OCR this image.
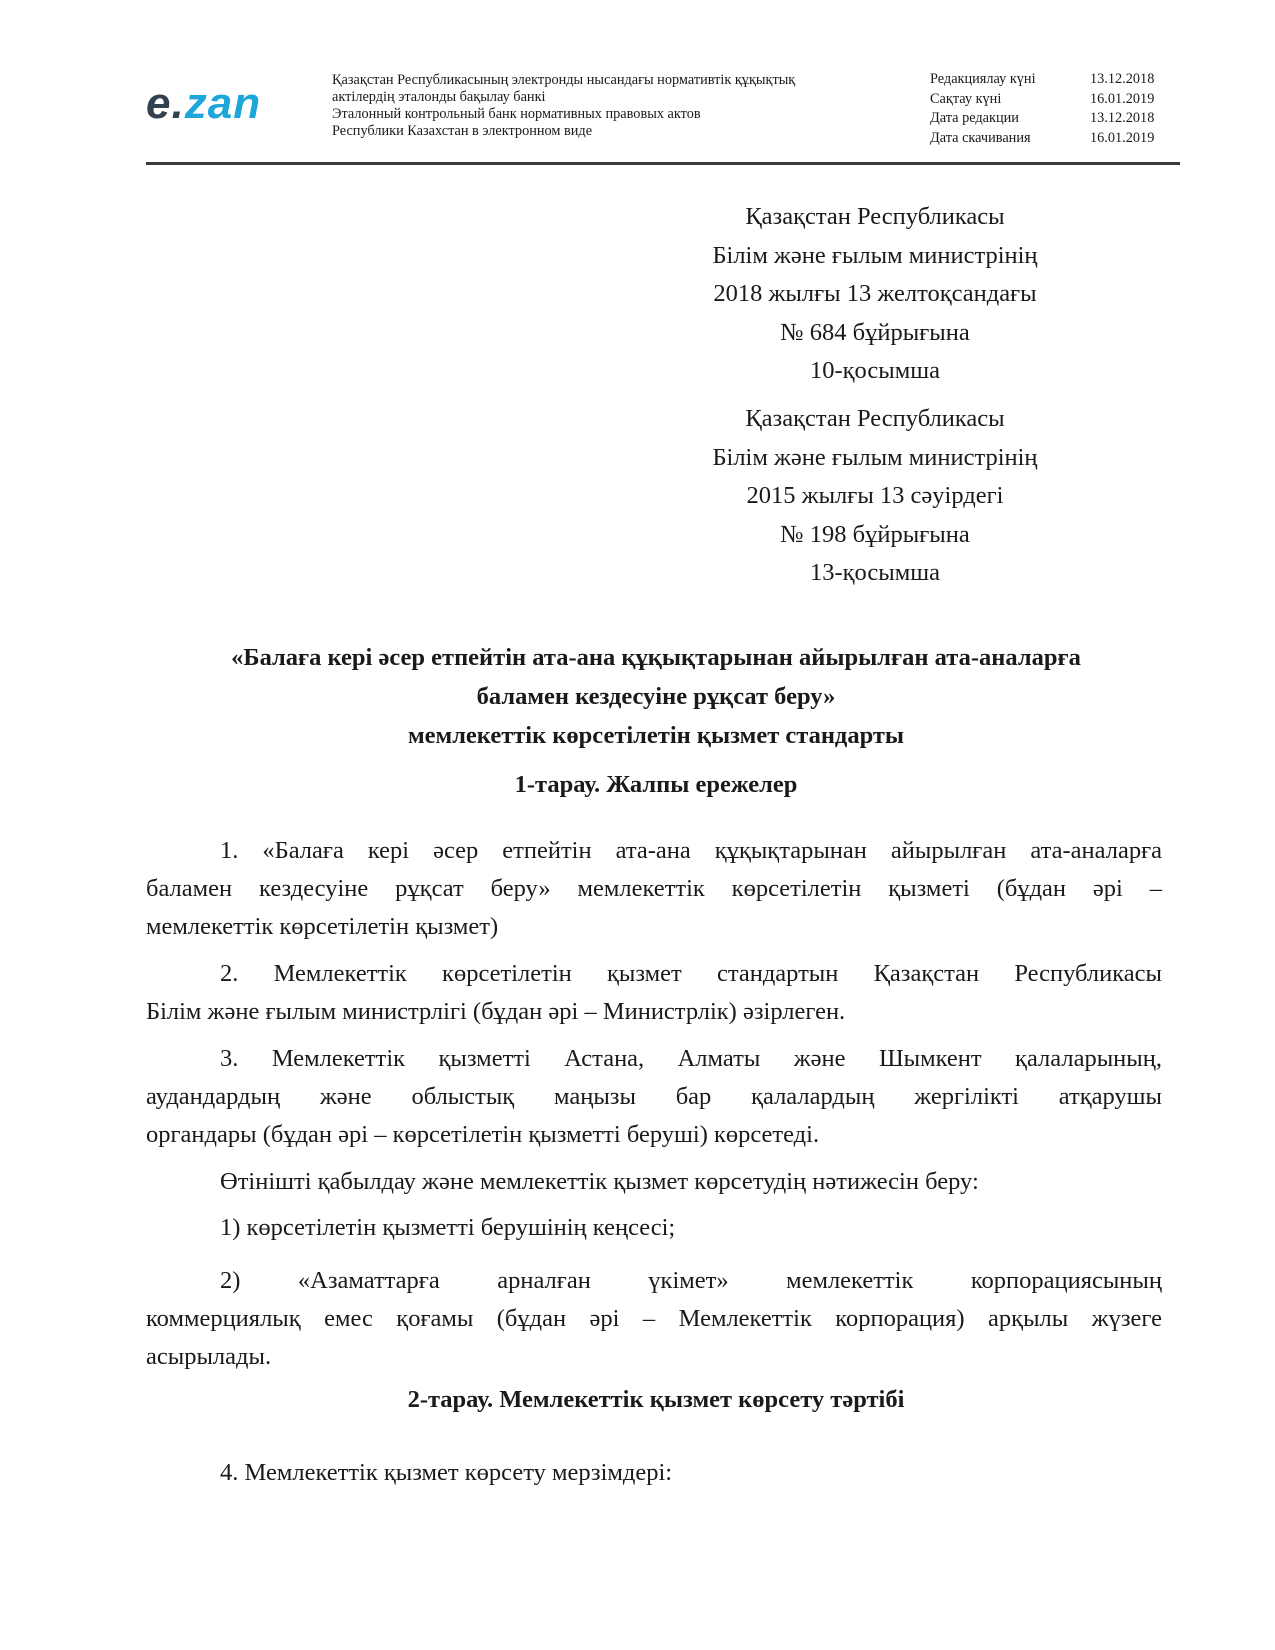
e.zan	Қазақстан Республикасының электронды нысандағы нормативтік құқықтық
актілердің эталонды бақылау банкі
Эталонный контрольный банк нормативных правовых актов
Республики Казахстан в электронном виде
Редакциялау күні	13.12.2018
Сақтау күні	16.01.2019
Дата редакции	13.12.2018
Дата скачивания	16.01.2019
Қазақстан Республикасы
Білім және ғылым министрінің
2018 жылғы 13 желтоқсандағы
№ 684 бұйрығына
10-қосымша
Қазақстан Республикасы
Білім және ғылым министрінің
2015 жылғы 13 сәуірдегі
№ 198 бұйрығына
13-қосымша
«Балаға кері әсер етпейтін ата-ана құқықтарынан айырылған ата-аналарға
баламен кездесуіне рұқсат беру»
мемлекеттік көрсетілетін қызмет стандарты
1-тарау. Жалпы ережелер
1. «Балаға кері әсер етпейтін ата-ана құқықтарынан айырылған ата-аналарға
баламен кездесуіне рұқсат беру» мемлекеттік көрсетілетін қызметі (бұдан әрі –
мемлекеттік көрсетілетін қызмет)
2. Мемлекеттік көрсетілетін қызмет стандартын Қазақстан Республикасы
Білім және ғылым министрлігі (бұдан әрі – Министрлік) әзірлеген.
3. Мемлекеттік қызметті Астана, Алматы және Шымкент қалаларының,
аудандардың және облыстық маңызы бар қалалардың жергілікті атқарушы
органдары (бұдан әрі – көрсетілетін қызметті беруші) көрсетеді.
Өтінішті қабылдау және мемлекеттік қызмет көрсетудің нәтижесін беру:
1) көрсетілетін қызметті берушінің кеңсесі;
2) «Азаматтарға арналған үкімет» мемлекеттік корпорациясының
коммерциялық емес қоғамы (бұдан әрі – Мемлекеттік корпорация) арқылы жүзеге
асырылады.
2-тарау. Мемлекеттік қызмет көрсету тәртібі
4. Мемлекеттік қызмет көрсету мерзімдері:
